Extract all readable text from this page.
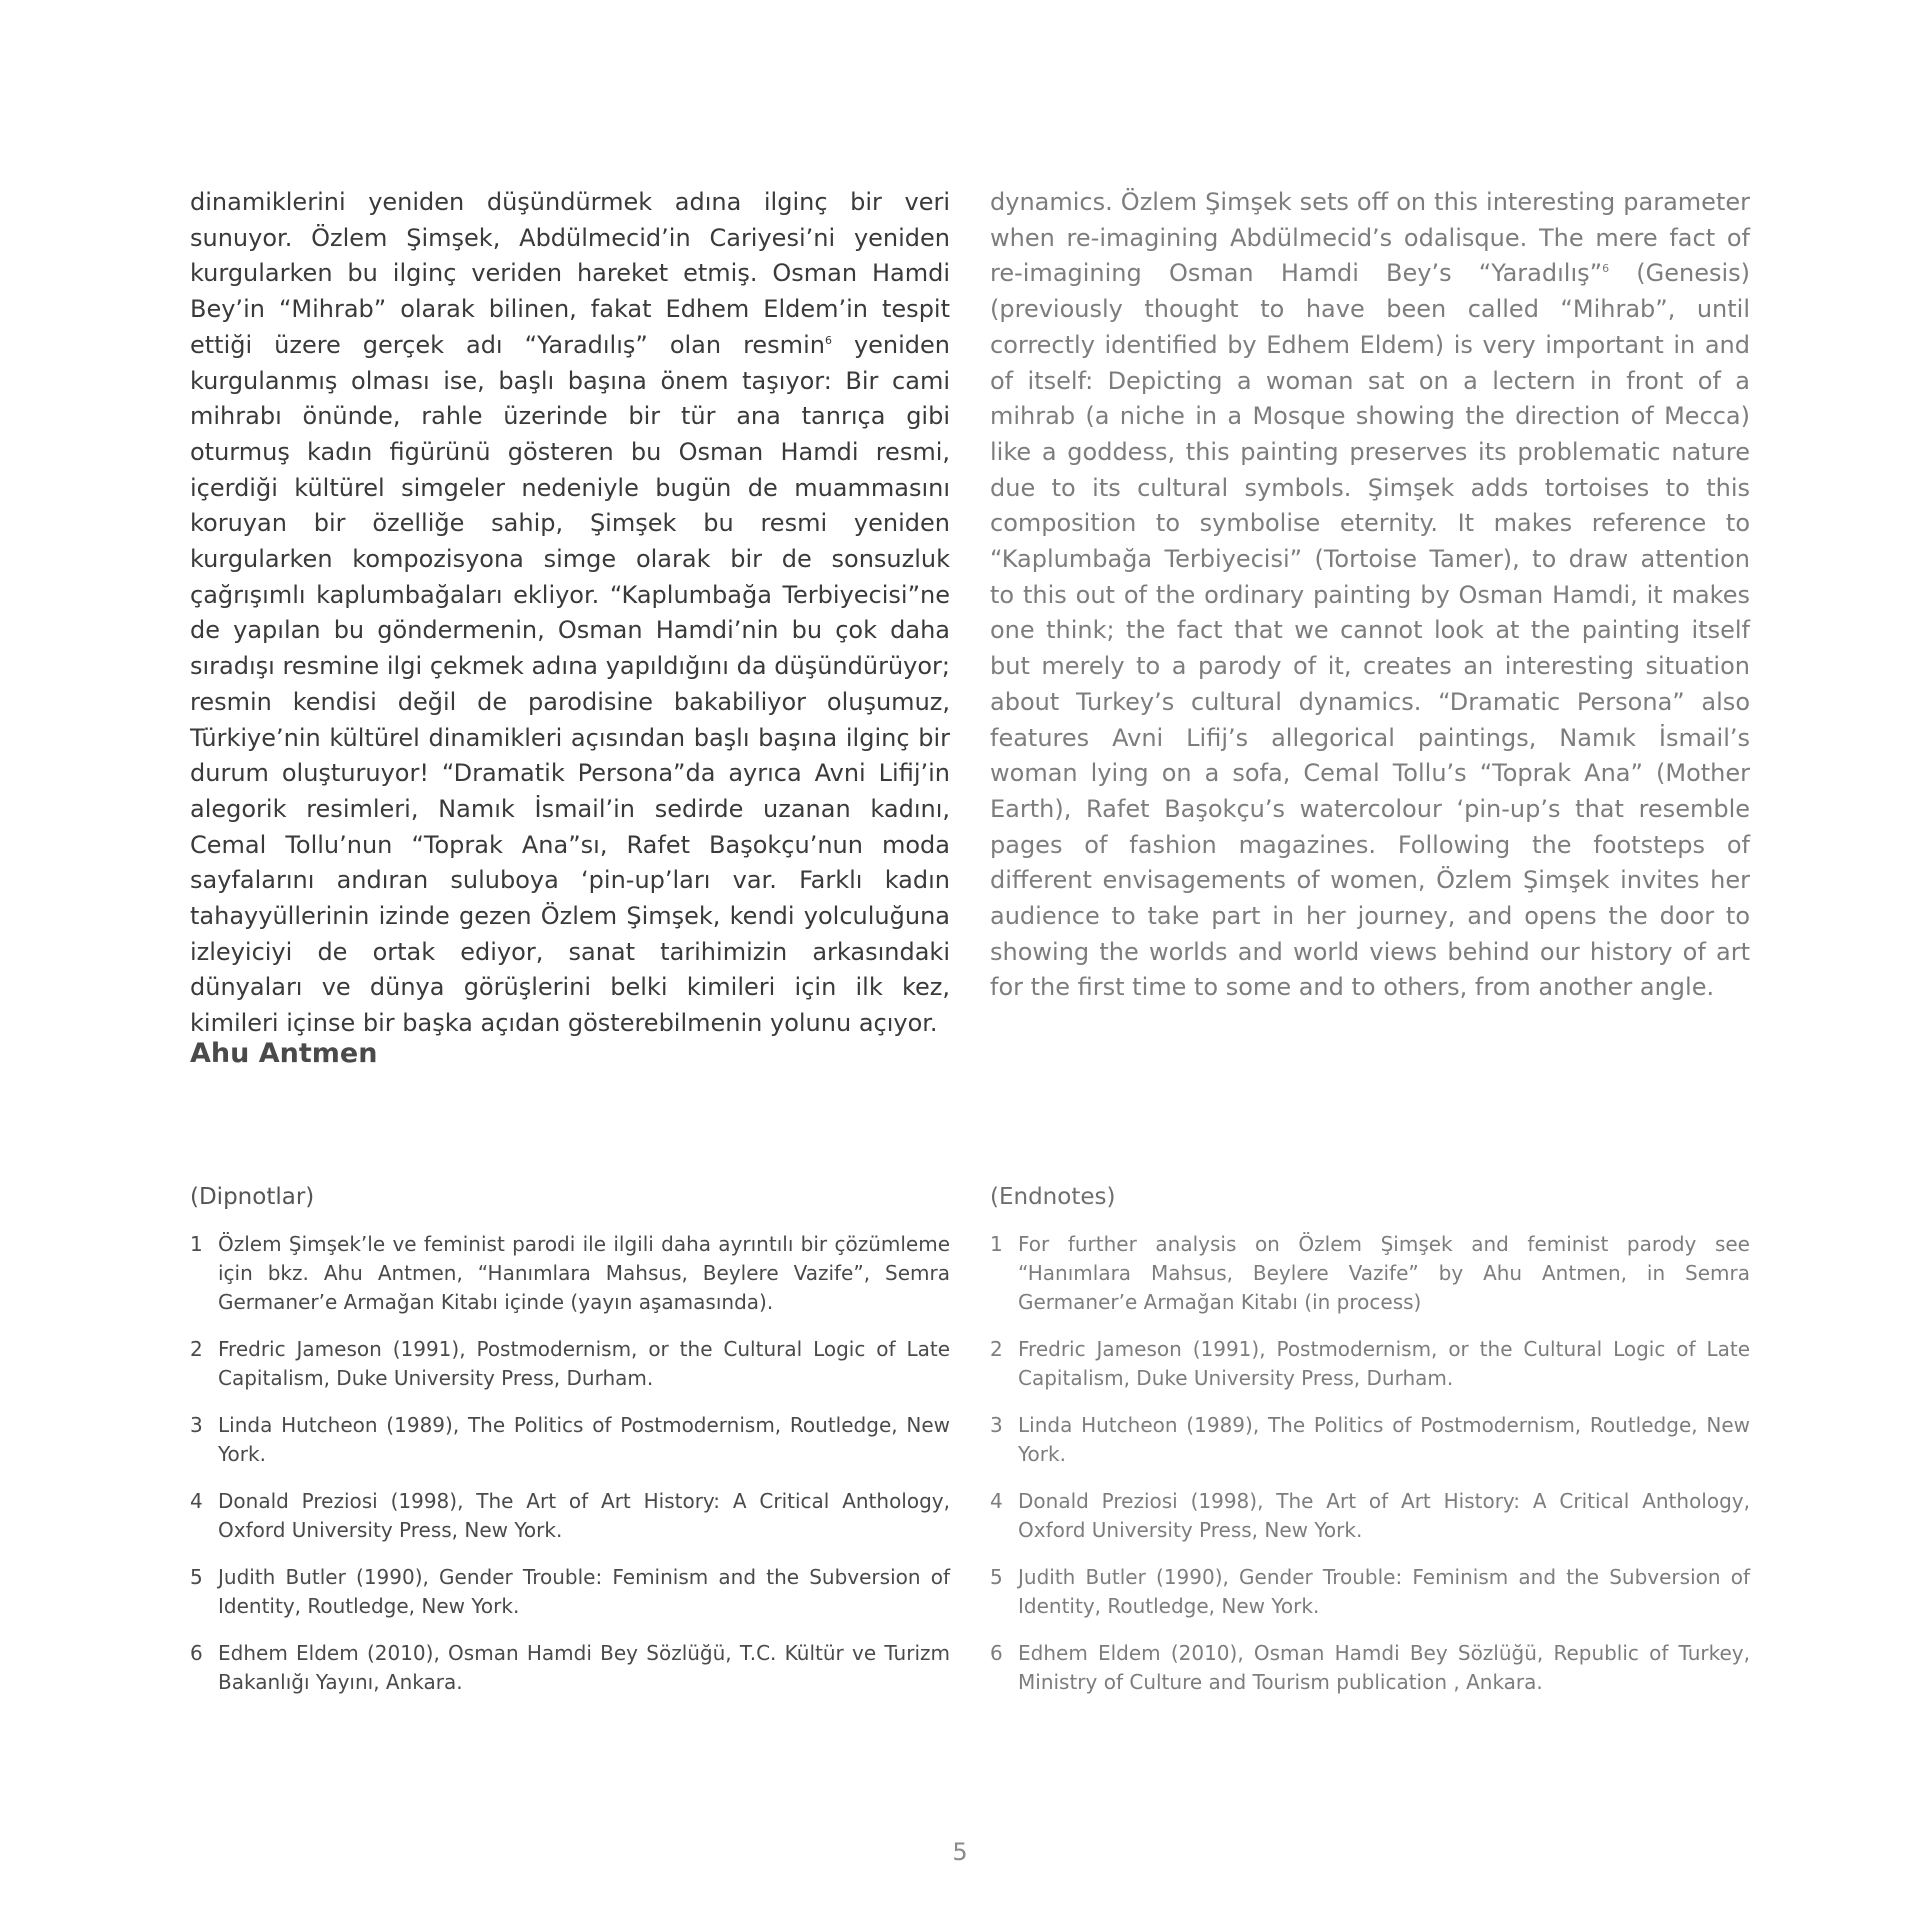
dinamiklerini yeniden düşündürmek adına ilginç bir veri sunuyor. Özlem Şimşek, Abdülmecid’in Cariyesi’ni yeniden kurgularken bu ilginç veriden hareket etmiş. Osman Hamdi Bey’in “Mihrab” olarak bilinen, fakat Edhem Eldem’in tespit ettiği üzere gerçek adı “Yaradılış” olan resmin$^6$ yeniden kurgulanmış olması ise, başlı başına önem taşıyor: Bir cami mihrabı önünde, rahle üzerinde bir tür ana tanrıça gibi oturmuş kadın figürünü gösteren bu Osman Hamdi resmi, içerdiği kültürel simgeler nedeniyle bugün de muammasını koruyan bir özelliğe sahip, Şimşek bu resmi yeniden kurgularken kompozisyona simge olarak bir de sonsuzluk çağrışımlı kaplumbağaları ekliyor. “Kaplumbağa Terbiyecisi”ne de yapılan bu göndermenin, Osman Hamdi’nin bu çok daha sıradışı resmine ilgi çekmek adına yapıldığını da düşündürüyor; resmin kendisi değil de parodisine bakabiliyor oluşumuz, Türkiye’nin kültürel dinamikleri açısından başlı başına ilginç bir durum oluşturuyor! “Dramatik Persona”da ayrıca Avni Lifij’in alegorik resimleri, Namık İsmail’in sedirde uzanan kadını, Cemal Tollu’nun “Toprak Ana”sı, Rafet Başokçu’nun moda sayfalarını andıran suluboya ‘pin-up’ları var. Farklı kadın tahayyüllerinin izinde gezen Özlem Şimşek, kendi yolculuğuna izleyiciyi de ortak ediyor, sanat tarihimizin arkasındaki dünyaları ve dünya görüşlerini belki kimileri için ilk kez, kimileri içinse bir başka açıdan gösterebilmenin yolunu açıyor.

dynamics. Özlem Şimşek sets off on this interesting parameter when re-imagining Abdülmecid’s odalisque. The mere fact of re-imagining Osman Hamdi Bey’s “Yaradılış”$^6$ (Genesis) (previously thought to have been called “Mihrab”, until correctly identified by Edhem Eldem) is very important in and of itself: Depicting a woman sat on a lectern in front of a mihrab (a niche in a Mosque showing the direction of Mecca) like a goddess, this painting preserves its problematic nature due to its cultural symbols. Şimşek adds tortoises to this composition to symbolise eternity. It makes reference to “Kaplumbağa Terbiyecisi” (Tortoise Tamer), to draw attention to this out of the ordinary painting by Osman Hamdi, it makes one think; the fact that we cannot look at the painting itself but merely to a parody of it, creates an interesting situation about Turkey’s cultural dynamics. “Dramatic Persona” also features Avni Lifij’s allegorical paintings, Namık İsmail’s woman lying on a sofa, Cemal Tollu’s “Toprak Ana” (Mother Earth), Rafet Başokçu’s watercolour ‘pin-up’s that resemble pages of fashion magazines. Following the footsteps of different envisagements of women, Özlem Şimşek invites her audience to take part in her journey, and opens the door to showing the worlds and world views behind our history of art for the first time to some and to others, from another angle.

Ahu Antmen
(Dipnotlar)	(Endnotes)
1 Özlem Şimşek’le ve feminist parodi ile ilgili daha ayrıntılı bir çözümleme için bkz. Ahu Antmen, “Hanımlara Mahsus, Beylere Vazife”, Semra Germaner’e Armağan Kitabı içinde (yayın aşamasında).
2 Fredric Jameson (1991), Postmodernism, or the Cultural Logic of Late Capitalism, Duke University Press, Durham.
3 Linda Hutcheon (1989), The Politics of Postmodernism, Routledge, New York.
4 Donald Preziosi (1998), The Art of Art History: A Critical Anthology, Oxford University Press, New York.
5 Judith Butler (1990), Gender Trouble: Feminism and the Subversion of Identity, Routledge, New York.
6 Edhem Eldem (2010), Osman Hamdi Bey Sözlüğü, T.C. Kültür ve Turizm Bakanlığı Yayını, Ankara.
1 For further analysis on Özlem Şimşek and feminist parody see “Hanımlara Mahsus, Beylere Vazife” by Ahu Antmen, in Semra Germaner’e Armağan Kitabı (in process)
2 Fredric Jameson (1991), Postmodernism, or the Cultural Logic of Late Capitalism, Duke University Press, Durham.
3 Linda Hutcheon (1989), The Politics of Postmodernism, Routledge, New York.
4 Donald Preziosi (1998), The Art of Art History: A Critical Anthology, Oxford University Press, New York.
5 Judith Butler (1990), Gender Trouble: Feminism and the Subversion of Identity, Routledge, New York.
6 Edhem Eldem (2010), Osman Hamdi Bey Sözlüğü, Republic of Turkey, Ministry of Culture and Tourism publication , Ankara.
5
